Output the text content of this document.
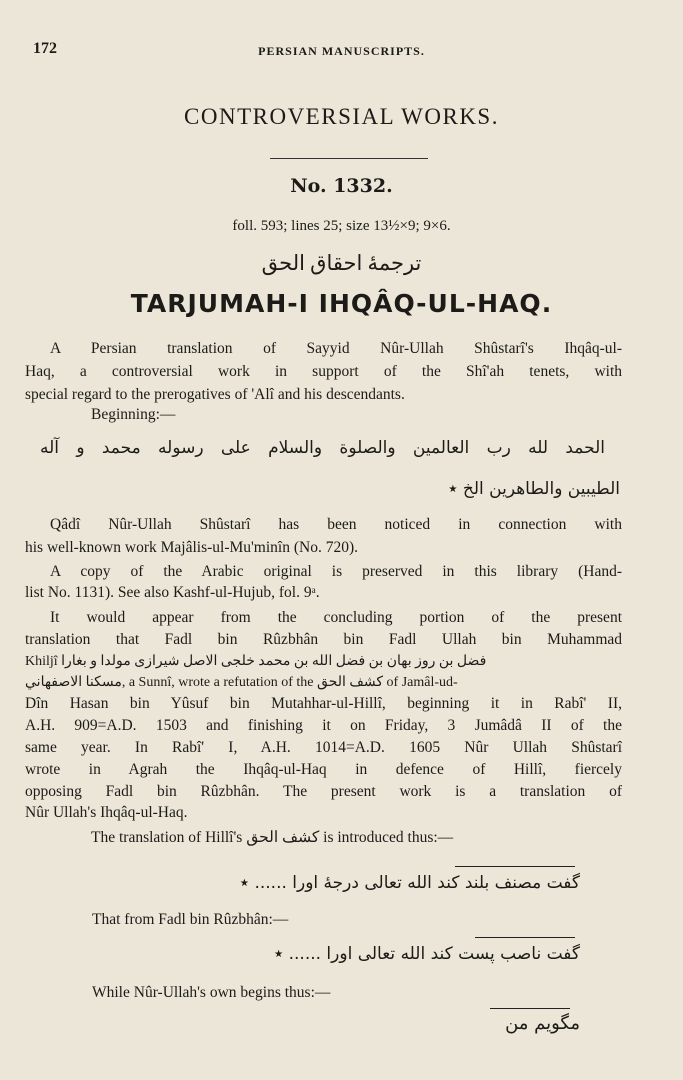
172	PERSIAN MANUSCRIPTS.
CONTROVERSIAL WORKS.
No. 1332.
foll. 593; lines 25; size 13½×9; 9×6.
ترجمهٔ احقاق الحق
TARJUMAH-I IHQÂQ-UL-HAQ.
A Persian translation of Sayyid Nûr-Ullah Shûstarî's Ihqâq-ul-
Haq, a controversial work in support of the Shî'ah tenets, with
special regard to the prerogatives of 'Alî and his descendants.
Beginning:—
الحمد لله رب العالمين والصلوة والسلام على رسوله محمد و آله
الطيبين والطاهرين الخ ٭
Qâdî Nûr-Ullah Shûstarî has been noticed in connection with
his well-known work Majâlis-ul-Mu'minîn (No. 720).
A copy of the Arabic original is preserved in this library (Hand-
list No. 1131). See also Kashf-ul-Hujub, fol. 9ᵃ.
It would appear from the concluding portion of the present
translation that Fadl bin Rûzbhân bin Fadl Ullah bin Muhammad
Khiljî فضل بن روز بهان بن فضل الله بن محمد خلجی الاصل شیرازی مولدا و بغارا
مسكنا الاصفهاني, a Sunnî, wrote a refutation of the كشف الحق of Jamâl-ud-
Dîn Hasan bin Yûsuf bin Mutahhar-ul-Hillî, beginning it in Rabî' II,
A.H. 909=A.D. 1503 and finishing it on Friday, 3 Jumâdâ II of the
same year. In Rabî' I, A.H. 1014=A.D. 1605 Nûr Ullah Shûstarî
wrote in Agrah the Ihqâq-ul-Haq in defence of Hillî, fiercely
opposing Fadl bin Rûzbhân. The present work is a translation of
Nûr Ullah's Ihqâq-ul-Haq.
The translation of Hillî's كشف الحق is introduced thus:—
گفت مصنف بلند كند الله تعالى درجهٔ اورا ...... ٭
That from Fadl bin Rûzbhân:—
گفت ناصب پست كند الله تعالى اورا ...... ٭
While Nûr-Ullah's own begins thus:—
مگويم من
